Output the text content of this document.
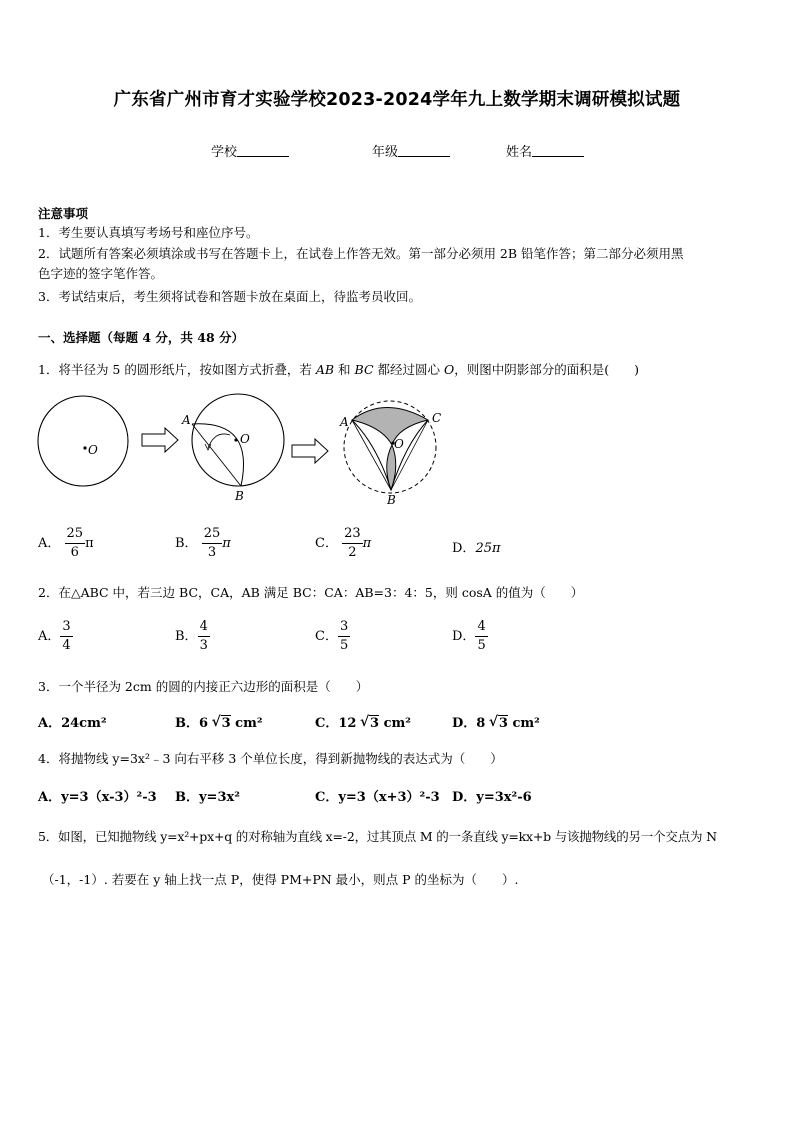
广东省广州市育才实验学校2023-2024学年九上数学期末调研模拟试题
学校	年级	姓名
注意事项
1．考生要认真填写考场号和座位序号。
2．试题所有答案必须填涂或书写在答题卡上，在试卷上作答无效。第一部分必须用 2B 铅笔作答；第二部分必须用黑
色字迹的签字笔作答。
3．考试结束后，考生须将试卷和答题卡放在桌面上，待监考员收回。
一、选择题（每题 4 分，共 48 分）
1．将半径为 5 的圆形纸片，按如图方式折叠，若 AB 和 BC 都经过圆心 O，则图中阴影部分的面积是(　　)
O
O
A
B
O
A	C
B
A． $\frac{25}{6}$ π	B． $\frac{25}{3}$ π	C． $\frac{23}{2}$ π	D．25π
2．在△ABC 中，若三边 BC，CA，AB 满足 BC：CA：AB=3：4：5，则 cosA 的值为（　　）
A． $\frac{3}{4}$	B． $\frac{4}{3}$	C． $\frac{3}{5}$	D． $\frac{4}{5}$
3．一个半径为 2cm 的圆的内接正六边形的面积是（　　）
A．24cm²	B．6 √ 3 cm²	C．12 √ 3 cm²	D．8 √ 3 cm²
4．将抛物线 y=3x²﹣3 向右平移 3 个单位长度，得到新抛物线的表达式为（　　）
A．y=3（x-3）²-3 B．y=3x²	C．y=3（x+3）²-3 D．y=3x²-6
5．如图，已知抛物线 y=x²+px+q 的对称轴为直线 x=-2，过其顶点 M 的一条直线 y=kx+b 与该抛物线的另一个交点为 N
（-1，-1）. 若要在 y 轴上找一点 P，使得 PM+PN 最小，则点 P 的坐标为（　　）.
